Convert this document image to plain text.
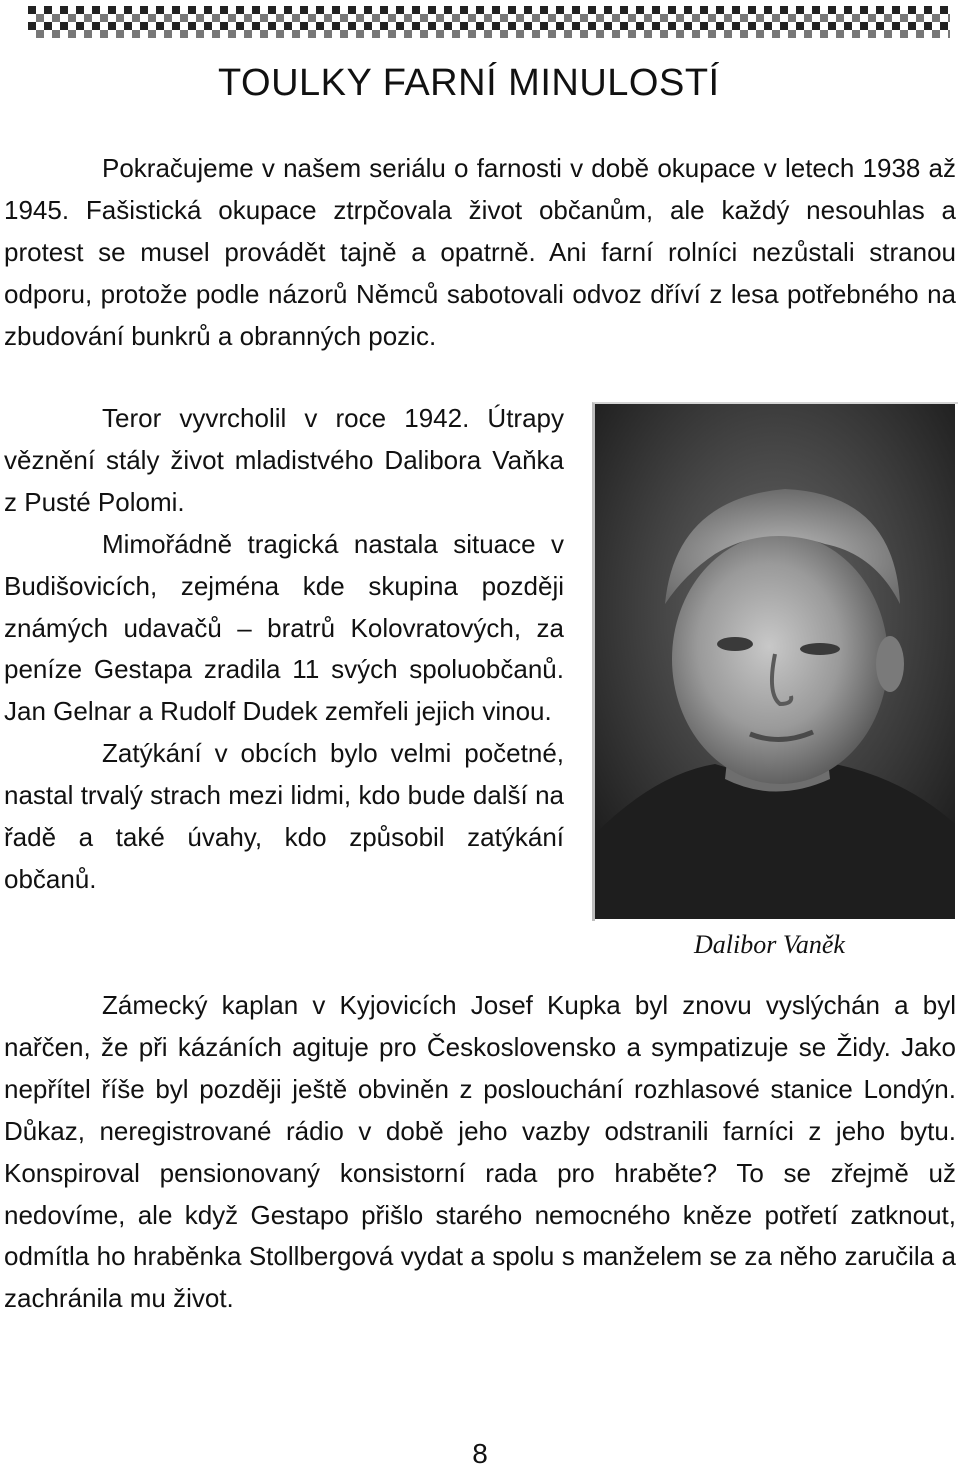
TOULKY FARNÍ MINULOSTÍ

Pokračujeme v našem seriálu o farnosti v době okupace v letech 1938 až 1945. Fašistická okupace ztrpčovala život občanům, ale každý nesouhlas a protest se musel provádět tajně a opatrně. Ani farní rolníci nezůstali stranou odporu, protože podle názorů Němců sabotovali odvoz dříví z lesa potřebného na zbudování bunkrů a obranných pozic.

Teror vyvrcholil v roce 1942. Útrapy věznění stály život mladistvého Dalibora Vaňka z Pusté Polomi.

Mimořádně tragická nastala situace v Budišovicích, zejména kde skupina později známých udavačů – bratrů Kolovratových, za peníze Gestapa zradila 11 svých spoluobčanů. Jan Gelnar a Rudolf Dudek zemřeli jejich vinou.

Zatýkání v obcích bylo velmi početné, nastal trvalý strach mezi lidmi, kdo bude další na řadě a také úvahy, kdo způsobil zatýkání občanů.

Dalibor Vaněk

Zámecký kaplan v Kyjovicích Josef Kupka byl znovu vyslýchán a byl nařčen, že při kázáních agituje pro Československo a sympatizuje se Židy. Jako nepřítel říše byl později ještě obviněn z poslouchání rozhlasové stanice Londýn. Důkaz, neregistrované rádio v době jeho vazby odstranili farníci z jeho bytu. Konspiroval pensionovaný konsistorní rada pro hraběte? To se zřejmě už nedovíme, ale když Gestapo přišlo starého nemocného kněze potřetí zatknout, odmítla ho hraběnka Stollbergová vydat a spolu s manželem se za něho zaručila a zachránila mu život.

8
